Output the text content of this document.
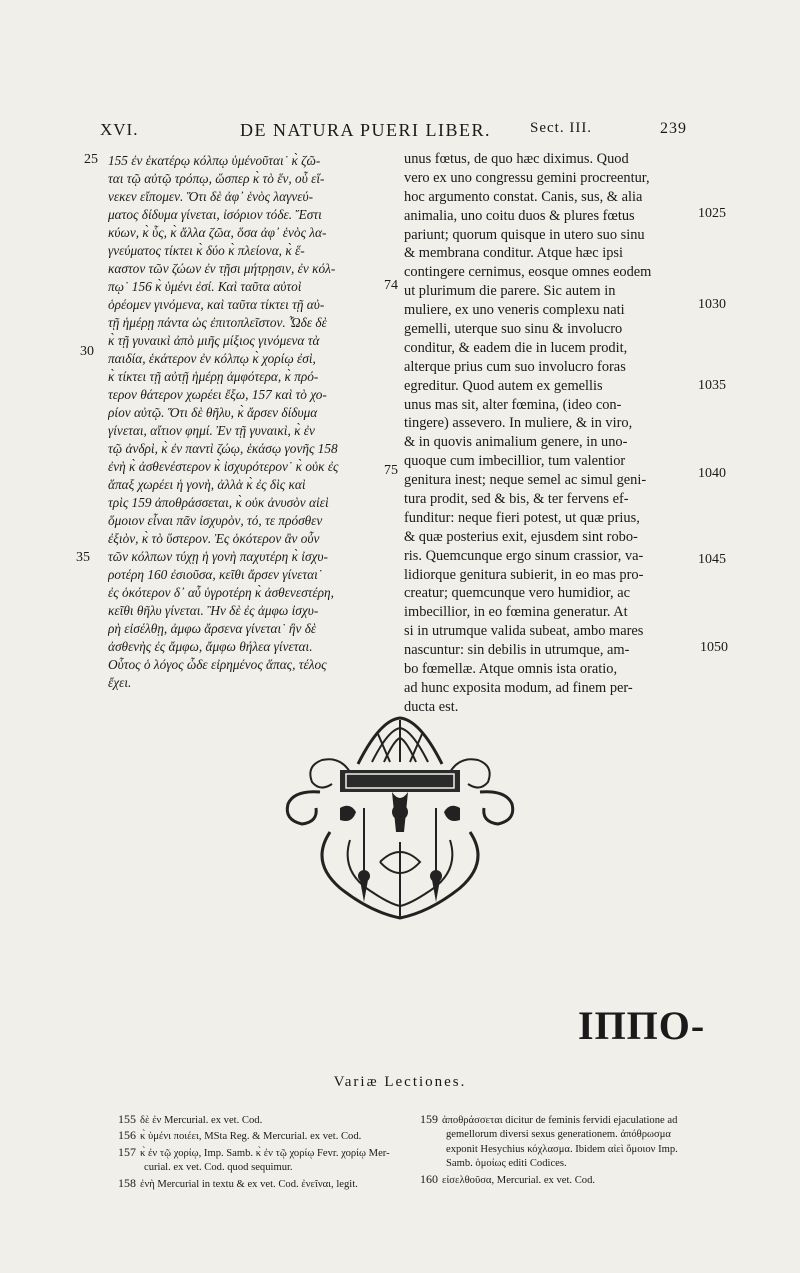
XVI.	DE NATURA PUERI LIBER.	Sect. III.	239
155 ἐν ἑκατέρῳ κόλπῳ ὑμένοῦται˙ κ̀ ζῶ-
ται τῷ αὐτῷ τρόπῳ, ὥσπερ κ̀ τὸ ἕν, οὗ εἵ-
νεκεν εἴπομεν. Ὅτι δὲ ἀφ᾽ ἑνὸς λαγνεύ-
ματος δίδυμα γίνεται, ἰσόριον τόδε. Ἔστι
κύων, κ̀ ὗς, κ̀ ἄλλα ζῶα, ὅσα ἀφ᾽ ἑνὸς λα-
γνεύματος τίκτει κ̀ δύο κ̀ πλείονα, κ̀ ἕ-
καστον τῶν ζώων ἐν τῇσι μήτρῃσιν, ἐν κόλ-
πῳ˙ 156 κ̀ ὑμένι ἐσί. Καὶ ταῦτα αὐτοὶ
ὁρέομεν γινόμενα, καὶ ταῦτα τίκτει τῇ αὐ-
τῇ ἡμέρῃ πάντα ὡς ἐπιτοπλεῖστον. Ὧδε δὲ
κ̀ τῇ γυναικὶ ἀπὸ μιῆς μίξιος γινόμενα τὰ
παιδία, ἑκάτερον ἐν κόλπῳ κ̀ χορίῳ ἐσὶ,
κ̀ τίκτει τῇ αὐτῇ ἡμέρῃ ἀμφότερα, κ̀ πρό-
τερον θάτερον χωρέει ἔξω, 157 καὶ τὸ χο-
ρίον αὐτῷ. Ὅτι δὲ θῆλυ, κ̀ ἄρσεν δίδυμα
γίνεται, αἴτιον φημί. Ἐν τῇ γυναικὶ, κ̀ ἐν
τῷ ἀνδρὶ, κ̀ ἐν παντὶ ζώῳ, ἑκάσῳ γονῆς 158
ἐνὴ κ̀ ἀσθενέστερον κ̀ ἰσχυρότερον˙ κ̀ οὐκ ἐς
ἅπαξ χωρέει ἡ γονὴ, ἀλλὰ κ̀ ἐς δὶς καὶ
τρὶς 159 ἀποθράσσεται, κ̀ οὐκ ἀνυσὸν αἰεὶ
ὅμοιον εἶναι πᾶν ἰσχυρὸν, τό, τε πρόσθεν
ἐξιὸν, κ̀ τὸ ὕστερον. Ἐς ὁκότερον ἂν οὖν
τῶν κόλπων τύχῃ ἡ γονὴ παχυτέρη κ̀ ἰσχυ-
ροτέρη 160 ἐσιοῦσα, κεῖθι ἄρσεν γίνεται˙
ἐς ὁκότερον δ᾽ αὖ ὑγροτέρη κ̀ ἀσθενεστέρη,
κεῖθι θῆλυ γίνεται. Ἢν δὲ ἐς ἀμφω ἰσχυ-
ρὴ εἰσέλθῃ, ἀμφω ἄρσενα γίνεται˙ ἢν δὲ
ἀσθενὴς ἐς ἄμφω, ἄμφω θήλεα γίνεται.
Οὗτος ὁ λόγος ὧδε εἰρημένος ἅπας, τέλος
ἔχει.
unus fœtus, de quo hæc diximus. Quod
vero ex uno congressu gemini procreentur,
hoc argumento constat. Canis, sus, & alia
animalia, uno coitu duos & plures fœtus
pariunt; quorum quisque in utero suo sinu
& membrana conditur. Atque hæc ipsi
contingere cernimus, eosque omnes eodem
ut plurimum die parere. Sic autem in
muliere, ex uno veneris complexu nati
gemelli, uterque suo sinu & involucro
conditur, & eadem die in lucem prodit,
alterque prius cum suo involucro foras
egreditur. Quod autem ex gemellis
unus mas sit, alter fœmina, (ideo con-
tingere) assevero. In muliere, & in viro,
& in quovis animalium genere, in uno-
quoque cum imbecillior, tum valentior
genitura inest; neque semel ac simul geni-
tura prodit, sed & bis, & ter fervens ef-
funditur: neque fieri potest, ut quæ prius,
& quæ posterius exit, ejusdem sint robo-
ris. Quemcunque ergo sinum crassior, va-
lidiorque genitura subierit, in eo mas pro-
creatur; quemcunque vero humidior, ac
imbecillior, in eo fœmina generatur. At
si in utrumque valida subeat, ambo mares
nascuntur: sin debilis in utrumque, am-
bo fœmellæ. Atque omnis ista oratio,
ad hunc exposita modum, ad finem per-
ducta est.
25
30
35
74
75
1025
1030
1035
1040
1045
1050
ΙΠΠΟ-
Variæ Lectiones.
155 δὲ ἐν Mercurial. ex vet. Cod.
156 κ̀ ὑμένι ποιέει, MSta Reg. & Mercurial. ex vet. Cod.
157 κ̀ ἐν τῷ χορίῳ, Imp. Samb. κ̀ ἐν τῷ χορίῳ Fevr. χορίῳ Mer-
curial. ex vet. Cod. quod sequimur.
158 ἐνὴ Mercurial in textu & ex vet. Cod. ἐνεῖναι, legit.
159 ἀποθράσσεται dicitur de feminis fervidi ejaculatione ad
gemellorum diversi sexus generationem. ἀπόθρωσμα
exponit Hesychius κόχλασμα. Ibidem αἰεὶ ὅμοιον Imp.
Samb. ὁμοίως editi Codices.
160 εἰσελθοῦσα, Mercurial. ex vet. Cod.
